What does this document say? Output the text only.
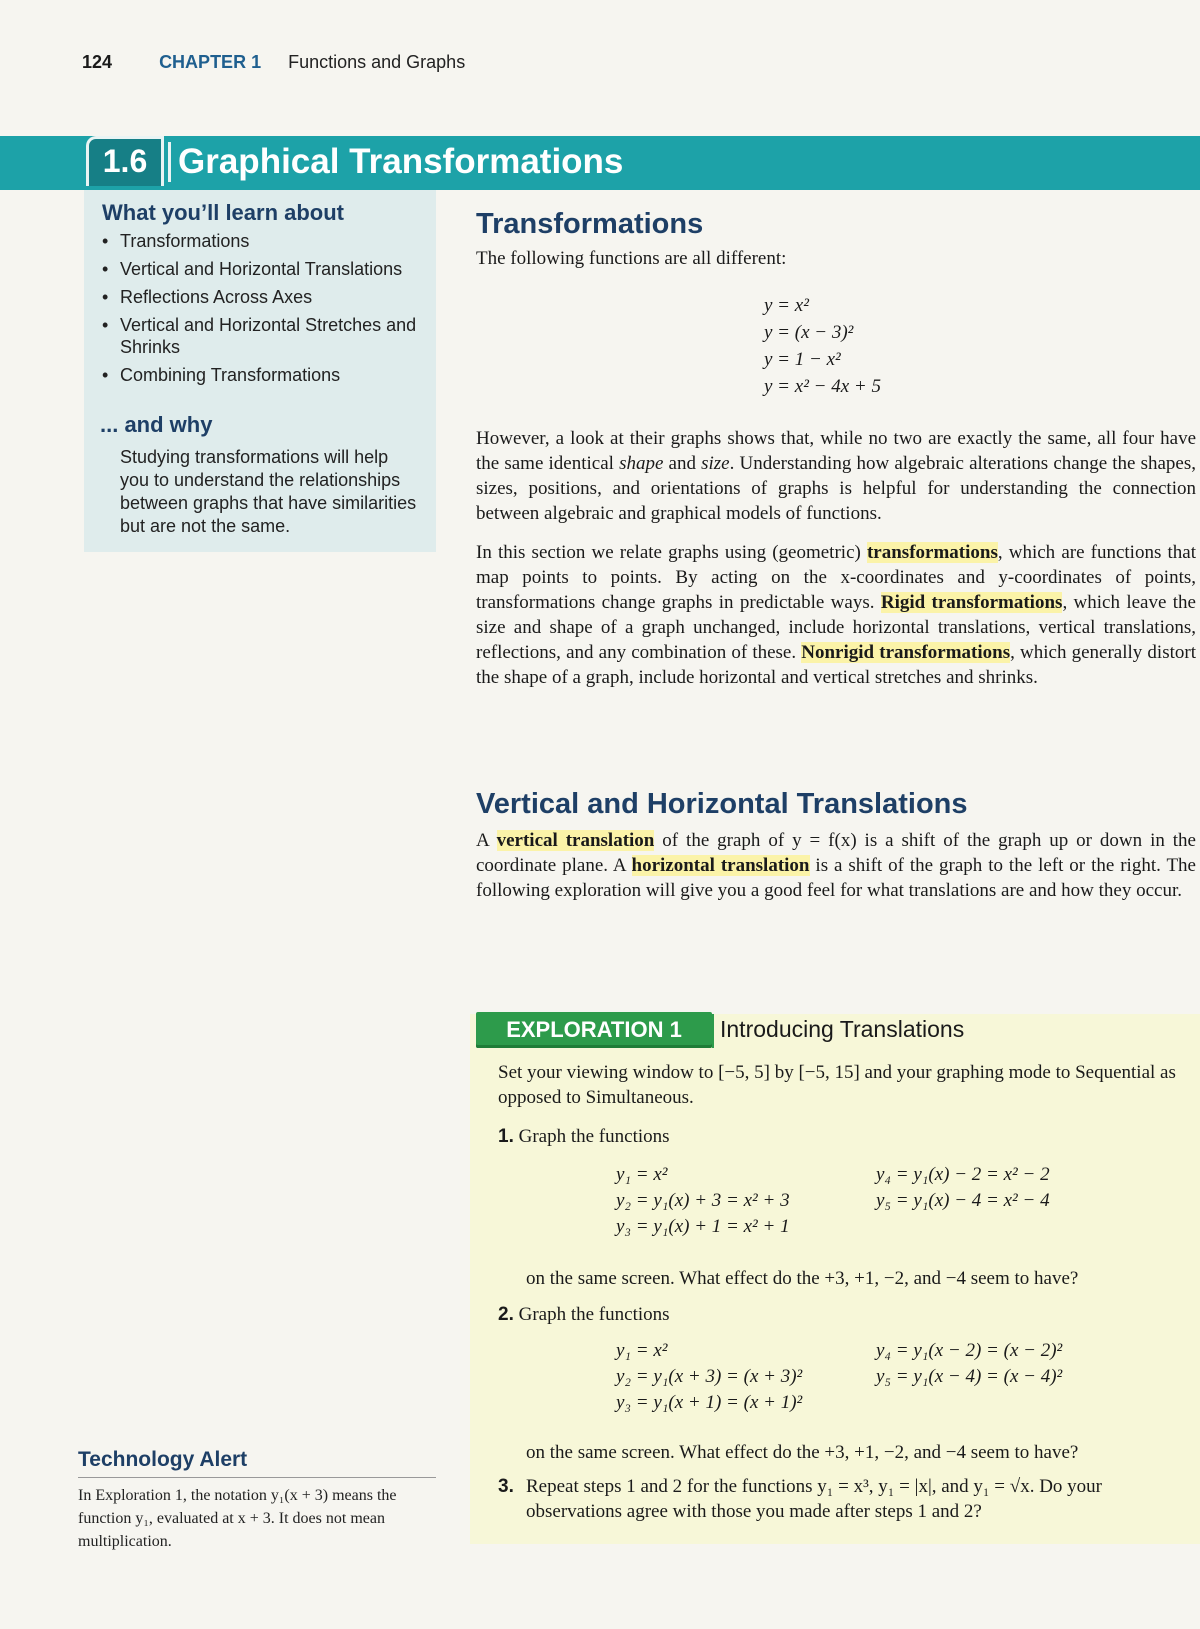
124	CHAPTER 1 Functions and Graphs
1.6 Graphical Transformations
What you’ll learn about
• Transformations
• Vertical and Horizontal Translations
• Reflections Across Axes
• Vertical and Horizontal Stretches and Shrinks
• Combining Transformations
... and why
Studying transformations will help you to understand the relationships between graphs that have similarities but are not the same.
Transformations
The following functions are all different:
y = x²
y = (x − 3)²
y = 1 − x²
y = x² − 4x + 5
However, a look at their graphs shows that, while no two are exactly the same, all four have the same identical shape and size. Understanding how algebraic alterations change the shapes, sizes, positions, and orientations of graphs is helpful for understanding the connection between algebraic and graphical models of functions.
In this section we relate graphs using (geometric) transformations, which are functions that map points to points. By acting on the x-coordinates and y-coordinates of points, transformations change graphs in predictable ways. Rigid transformations, which leave the size and shape of a graph unchanged, include horizontal translations, vertical translations, reflections, and any combination of these. Nonrigid transformations, which generally distort the shape of a graph, include horizontal and vertical stretches and shrinks.
Vertical and Horizontal Translations
A vertical translation of the graph of y = f(x) is a shift of the graph up or down in the coordinate plane. A horizontal translation is a shift of the graph to the left or the right. The following exploration will give you a good feel for what translations are and how they occur.
EXPLORATION 1	Introducing Translations
Set your viewing window to [−5, 5] by [−5, 15] and your graphing mode to Sequential as opposed to Simultaneous.
1. Graph the functions
y₁ = x²
y₂ = y₁(x) + 3 = x² + 3
y₃ = y₁(x) + 1 = x² + 1
y₄ = y₁(x) − 2 = x² − 2
y₅ = y₁(x) − 4 = x² − 4
on the same screen. What effect do the +3, +1, −2, and −4 seem to have?
2. Graph the functions
y₁ = x²
y₂ = y₁(x + 3) = (x + 3)²
y₃ = y₁(x + 1) = (x + 1)²
y₄ = y₁(x − 2) = (x − 2)²
y₅ = y₁(x − 4) = (x − 4)²
on the same screen. What effect do the +3, +1, −2, and −4 seem to have?
3. Repeat steps 1 and 2 for the functions y₁ = x³, y₁ = |x|, and y₁ = √x. Do your observations agree with those you made after steps 1 and 2?
Technology Alert
In Exploration 1, the notation y₁(x + 3) means the function y₁, evaluated at x + 3. It does not mean multiplication.
